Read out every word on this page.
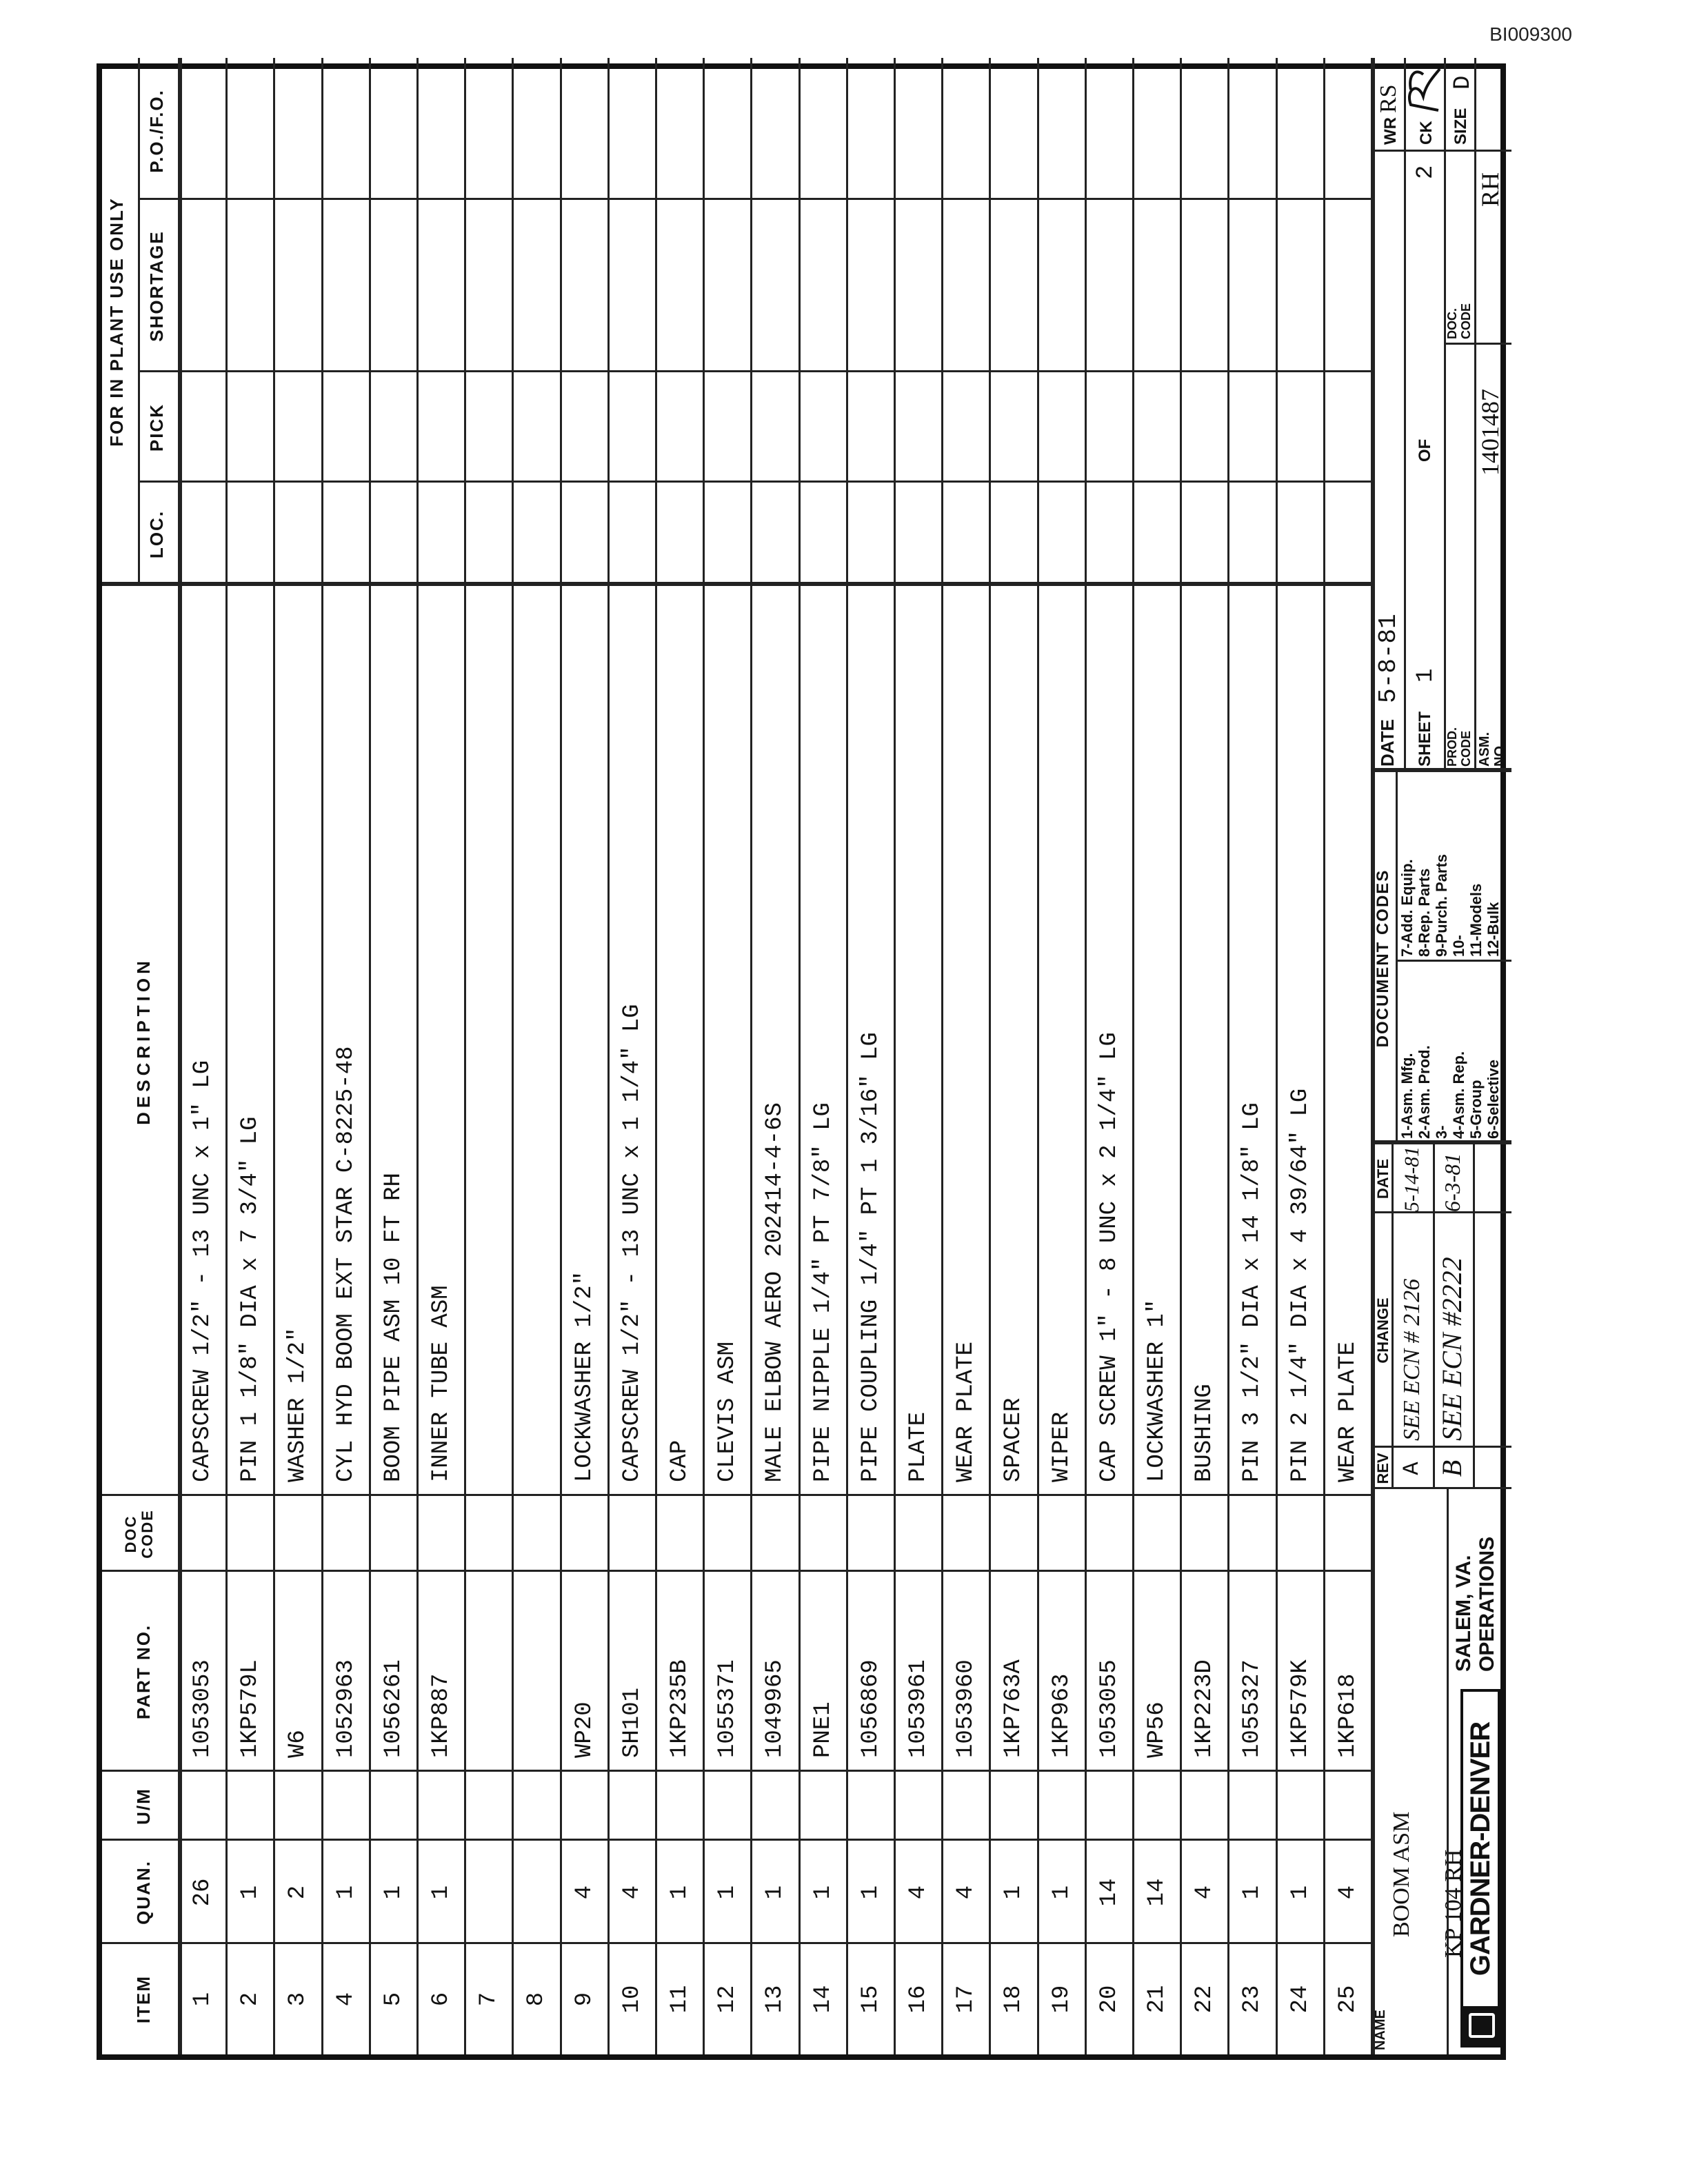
BI009300
ITEM
QUAN.
U/M
PART NO.
DOC CODE
DESCRIPTION
FOR IN PLANT USE ONLY
LOC.
PICK
SHORTAGE
P.O./F.O.
1
26
1053053
CAPSCREW 1/2" - 13 UNC x 1" LG
2
1
1KP579L
PIN 1 1/8" DIA x 7 3/4" LG
3
2
W6
WASHER 1/2"
4
1
1052963
CYL HYD BOOM EXT STAR C-8225-48
5
1
1056261
BOOM PIPE ASM 10 FT RH
6
1
1KP887
INNER TUBE ASM
7 8 9
4
WP20
LOCKWASHER 1/2"
10
4
SH101
CAPSCREW 1/2" - 13 UNC x 1 1/4" LG
11
1
1KP235B
CAP
12
1
1055371
CLEVIS ASM
13
1
1049965
MALE ELBOW AERO 202414-4-6S
14
1
PNE1
PIPE NIPPLE 1/4" PT 7/8" LG
15
1
1056869
PIPE COUPLING 1/4" PT 1 3/16" LG
16
4
1053961
PLATE
17
4
1053960
WEAR PLATE
18
1
1KP763A
SPACER
19
1
1KP963
WIPER
20
14
1053055
CAP SCREW 1" - 8 UNC x 2 1/4" LG
21
14
WP56
LOCKWASHER 1"
22
4
1KP223D
BUSHING
23
1
1055327
PIN 3 1/2" DIA x 14 1/8" LG
24
1
1KP579K
PIN 2 1/4" DIA x 4 39/64" LG
25
4
1KP618
WEAR PLATE
NAME
BOOM ASM	KP 104 RH
GARDNER-DENVER
SALEM, VA. OPERATIONS
REV
CHANGE
DATE
A
SEE ECN # 2126
5-14-81
B
SEE ECN #2222
6-3-81
DOCUMENT CODES
1-Asm. Mfg. 2-Asm. Prod. 3- 4-Asm. Rep. 5-Group 6-Selective
7-Add. Equip. 8-Rep. Parts 9-Purch. Parts 10- 11-Models 12-Bulk
DATE
5-8-81
SHEET
1
OF
2
WR
RS
CK
PROD. CODE
DOC. CODE
ASM. NO.
1401487
RH
SIZE
D
